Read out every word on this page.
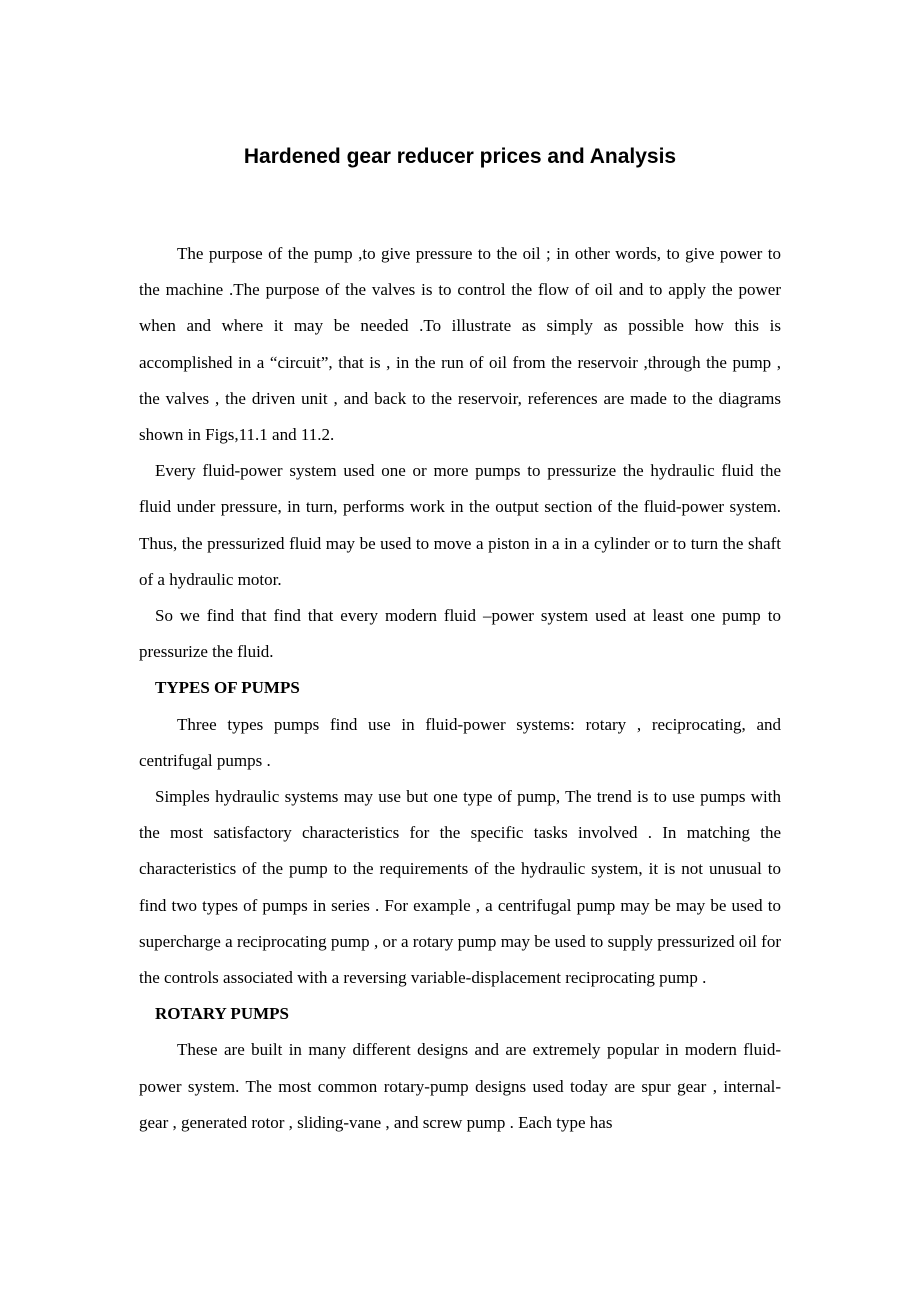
Hardened gear reducer prices and Analysis

The purpose of the pump ,to give pressure to the oil ; in other words, to give power to the machine .The purpose of the valves is to control the flow of oil and to apply the power when and where it may be needed .To illustrate as simply as possible how this is accomplished in a “circuit”, that is , in the run of oil from the reservoir ,through the pump , the valves , the driven unit , and back to the reservoir, references are made to the diagrams shown in Figs,11.1 and 11.2.

Every fluid-power system used one or more pumps to pressurize the hydraulic fluid the fluid under pressure, in turn, performs work in the output section of the fluid-power system. Thus, the pressurized fluid may be used to move a piston in a in a cylinder or to turn the shaft of a hydraulic motor.

So we find that find that every modern fluid –power system used at least one pump to pressurize the fluid.

TYPES OF PUMPS

Three types pumps find use in fluid-power systems: rotary , reciprocating, and centrifugal pumps .

Simples hydraulic systems may use but one type of pump, The trend is to use pumps with the most satisfactory characteristics for the specific tasks involved . In matching the characteristics of the pump to the requirements of the hydraulic system, it is not unusual to find two types of pumps in series . For example , a centrifugal pump may be may be used to supercharge a reciprocating pump , or a rotary pump may be used to supply pressurized oil for the controls associated with a reversing variable-displacement reciprocating pump .

ROTARY PUMPS

These are built in many different designs and are extremely popular in modern fluid-power system. The most common rotary-pump designs used today are spur gear , internal-gear , generated rotor , sliding-vane , and screw pump . Each type has
